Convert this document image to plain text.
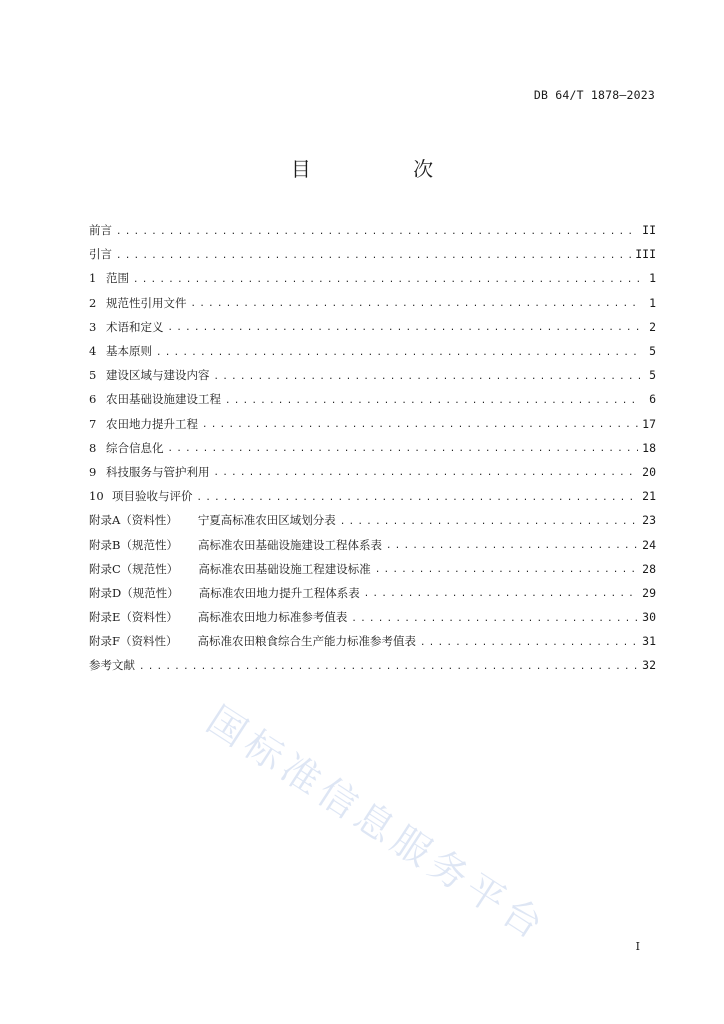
DB 64/T 1878—2023
目 次
前言 .....	II
引言 .....	III
1 范围 .....	1
2 规范性引用文件 .....	1
3 术语和定义 .....	2
4 基本原则 .....	5
5 建设区域与建设内容 .....	5
6 农田基础设施建设工程 .....	6
7 农田地力提升工程 .....	17
8 综合信息化 .....	18
9 科技服务与管护利用 .....	20
10 项目验收与评价 .....	21
附录A（资料性） 宁夏高标准农田区域划分表 .....	23
附录B（规范性） 高标准农田基础设施建设工程体系表 .....	24
附录C（规范性） 高标准农田基础设施工程建设标准 .....	28
附录D（规范性） 高标准农田地力提升工程体系表 .....	29
附录E（资料性） 高标准农田地力标准参考值表 .....	30
附录F（资料性） 高标准农田粮食综合生产能力标准参考值表 .....	31
参考文献 .....	32
国标准信息服务平台	I
